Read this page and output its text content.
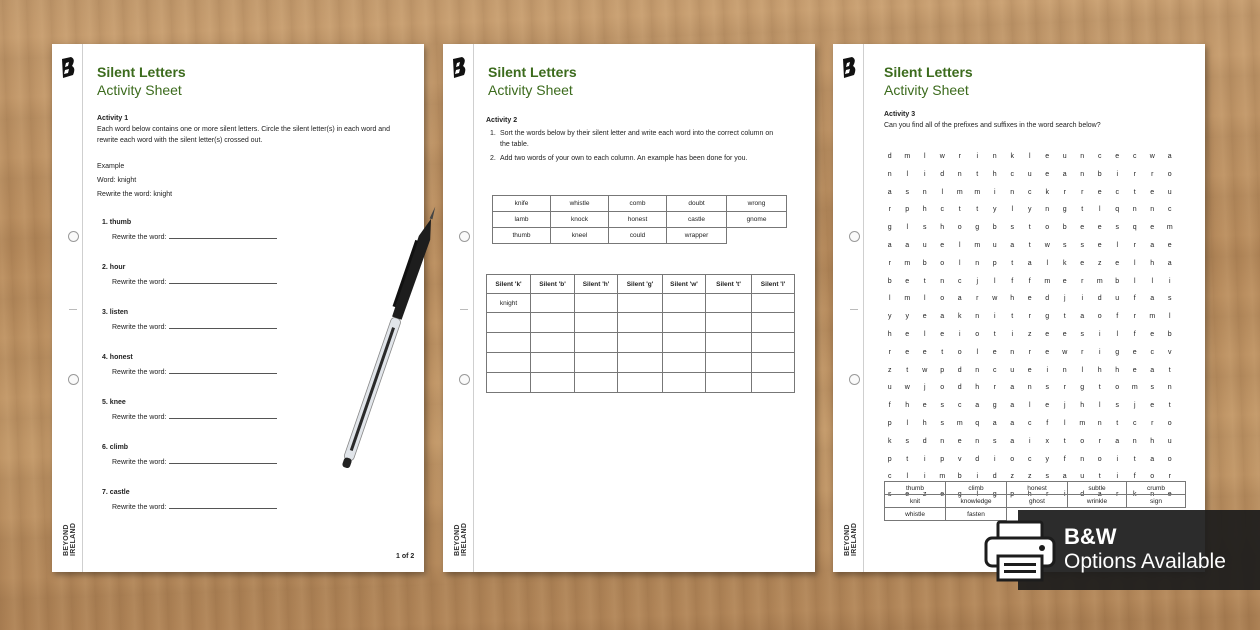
BEYOND IRELAND
Silent Letters
Activity Sheet
Activity 1
Each word below contains one or more silent letters. Circle the silent letter(s) in each word and
rewrite each word with the silent letter(s) crossed out.
Example
Word: knight
Rewrite the word: knight
1. thumb
Rewrite the word:
2. hour
Rewrite the word:
3. listen
Rewrite the word:
4. honest
Rewrite the word:
5. knee
Rewrite the word:
6. climb
Rewrite the word:
7. castle
Rewrite the word:
1 of 2
BEYOND IRELAND
Silent Letters
Activity Sheet
Activity 2
1. Sort the words below by their silent letter and write each word into the correct column on
the table.
2. Add two words of your own to each column. An example has been done for you.
knife	whistle	comb	doubt	wrong
lamb	knock	honest	castle	gnome
thumb	kneel	could	wrapper	
Silent 'k'	Silent 'b'	Silent 'h'	Silent 'g'	Silent 'w'	Silent 't'	Silent 'l'
knight						

BEYOND IRELAND
Silent Letters
Activity Sheet
Activity 3
Can you find all of the prefixes and suffixes in the word search below?
d	m	l	w	r	i	n	k	l	e	u	n	c	e	c	w	a
n	l	i	d	n	t	h	c	u	e	a	n	b	i	r	r	o
a	s	n	l	m	m	i	n	c	k	r	r	e	c	t	e	u
r	p	h	c	t	t	y	l	y	n	g	t	l	q	n	n	c
g	l	s	h	o	g	b	s	t	o	b	e	e	s	q	e	m
a	a	u	e	l	m	u	a	t	w	s	s	e	l	r	a	e
r	m	b	o	l	n	p	t	a	l	k	e	z	e	l	h	a
b	e	t	n	c	j	l	f	f	m	e	r	m	b	l	l	i
l	m	l	o	a	r	w	h	e	d	j	i	d	u	f	a	s
y	y	e	a	k	n	i	t	r	g	t	a	o	f	r	m	l
h	e	l	e	i	o	t	i	z	e	e	s	i	l	f	e	b
r	e	e	t	o	l	e	n	r	e	w	r	i	g	e	c	v
z	t	w	p	d	n	c	u	e	i	n	l	h	h	e	a	t
u	w	j	o	d	h	r	a	n	s	r	g	t	o	m	s	n
f	h	e	s	c	a	g	a	l	e	j	h	l	s	j	e	t
p	l	h	s	m	q	a	a	c	f	l	m	n	t	c	r	o
k	s	d	n	e	n	s	a	i	x	t	o	r	a	n	h	u
p	t	i	p	v	d	i	o	c	y	f	n	o	i	t	a	o
c	l	i	m	b	i	d	z	z	s	a	u	t	i	f	o	r
s	e	z	e	g	l	g	p	h	r	i	d	a	r	k	n	e
thumb	climb	honest	subtle	crumb
knit	knowledge	ghost	wrinkle	sign
whistle	fasten			
B&W
Options Available
